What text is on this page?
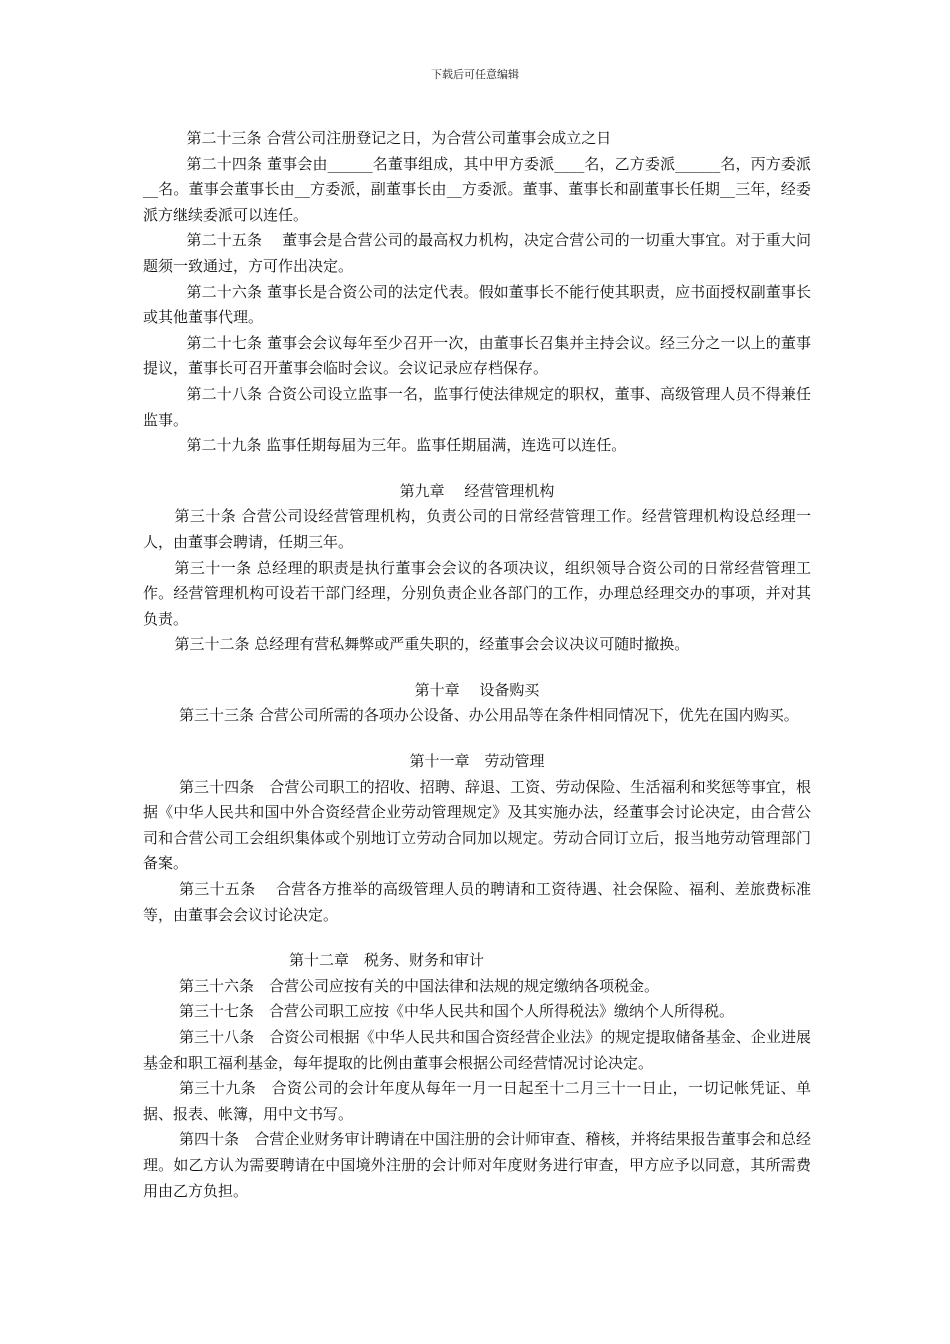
下载后可任意编辑
第二十三条 合营公司注册登记之日，为合营公司董事会成立之日
第二十四条 董事会由______名董事组成，其中甲方委派____名，乙方委派______名，丙方委派__名。董事会董事长由__方委派，副董事长由__方委派。董事、董事长和副董事长任期__三年，经委派方继续委派可以连任。
第二十五条　 董事会是合营公司的最高权力机构，决定合营公司的一切重大事宜。对于重大问题须一致通过，方可作出决定。
第二十六条 董事长是合资公司的法定代表。假如董事长不能行使其职责，应书面授权副董事长或其他董事代理。
第二十七条 董事会会议每年至少召开一次，由董事长召集并主持会议。经三分之一以上的董事提议，董事长可召开董事会临时会议。会议记录应存档保存。
第二十八条 合资公司设立监事一名，监事行使法律规定的职权，董事、高级管理人员不得兼任监事。
第二十九条 监事任期每届为三年。监事任期届满，连选可以连任。
第九章　 经营管理机构
第三十条 合营公司设经营管理机构，负责公司的日常经营管理工作。经营管理机构设总经理一人，由董事会聘请，任期三年。
第三十一条 总经理的职责是执行董事会会议的各项决议，组织领导合资公司的日常经营管理工作。经营管理机构可设若干部门经理，分别负责企业各部门的工作，办理总经理交办的事项，并对其负责。
第三十二条 总经理有营私舞弊或严重失职的，经董事会会议决议可随时撤换。
第十章　 设备购买
第三十三条 合营公司所需的各项办公设备、办公用品等在条件相同情况下，优先在国内购买。
第十一章　劳动管理
第三十四条　合营公司职工的招收、招聘、辞退、工资、劳动保险、生活福利和奖惩等事宜，根据《中华人民共和国中外合资经营企业劳动管理规定》及其实施办法，经董事会讨论决定，由合营公司和合营公司工会组织集体或个别地订立劳动合同加以规定。劳动合同订立后，报当地劳动管理部门备案。
第三十五条　 合营各方推举的高级管理人员的聘请和工资待遇、社会保险、福利、差旅费标准等，由董事会会议讨论决定。
第十二章　税务、财务和审计
第三十六条　合营公司应按有关的中国法律和法规的规定缴纳各项税金。
第三十七条　合营公司职工应按《中华人民共和国个人所得税法》缴纳个人所得税。
第三十八条　合资公司根据《中华人民共和国合资经营企业法》的规定提取储备基金、企业进展基金和职工福利基金，每年提取的比例由董事会根据公司经营情况讨论决定。
第三十九条　合资公司的会计年度从每年一月一日起至十二月三十一日止，一切记帐凭证、单据、报表、帐簿，用中文书写。
第四十条　合营企业财务审计聘请在中国注册的会计师审查、稽核，并将结果报告董事会和总经理。如乙方认为需要聘请在中国境外注册的会计师对年度财务进行审查，甲方应予以同意，其所需费用由乙方负担。
